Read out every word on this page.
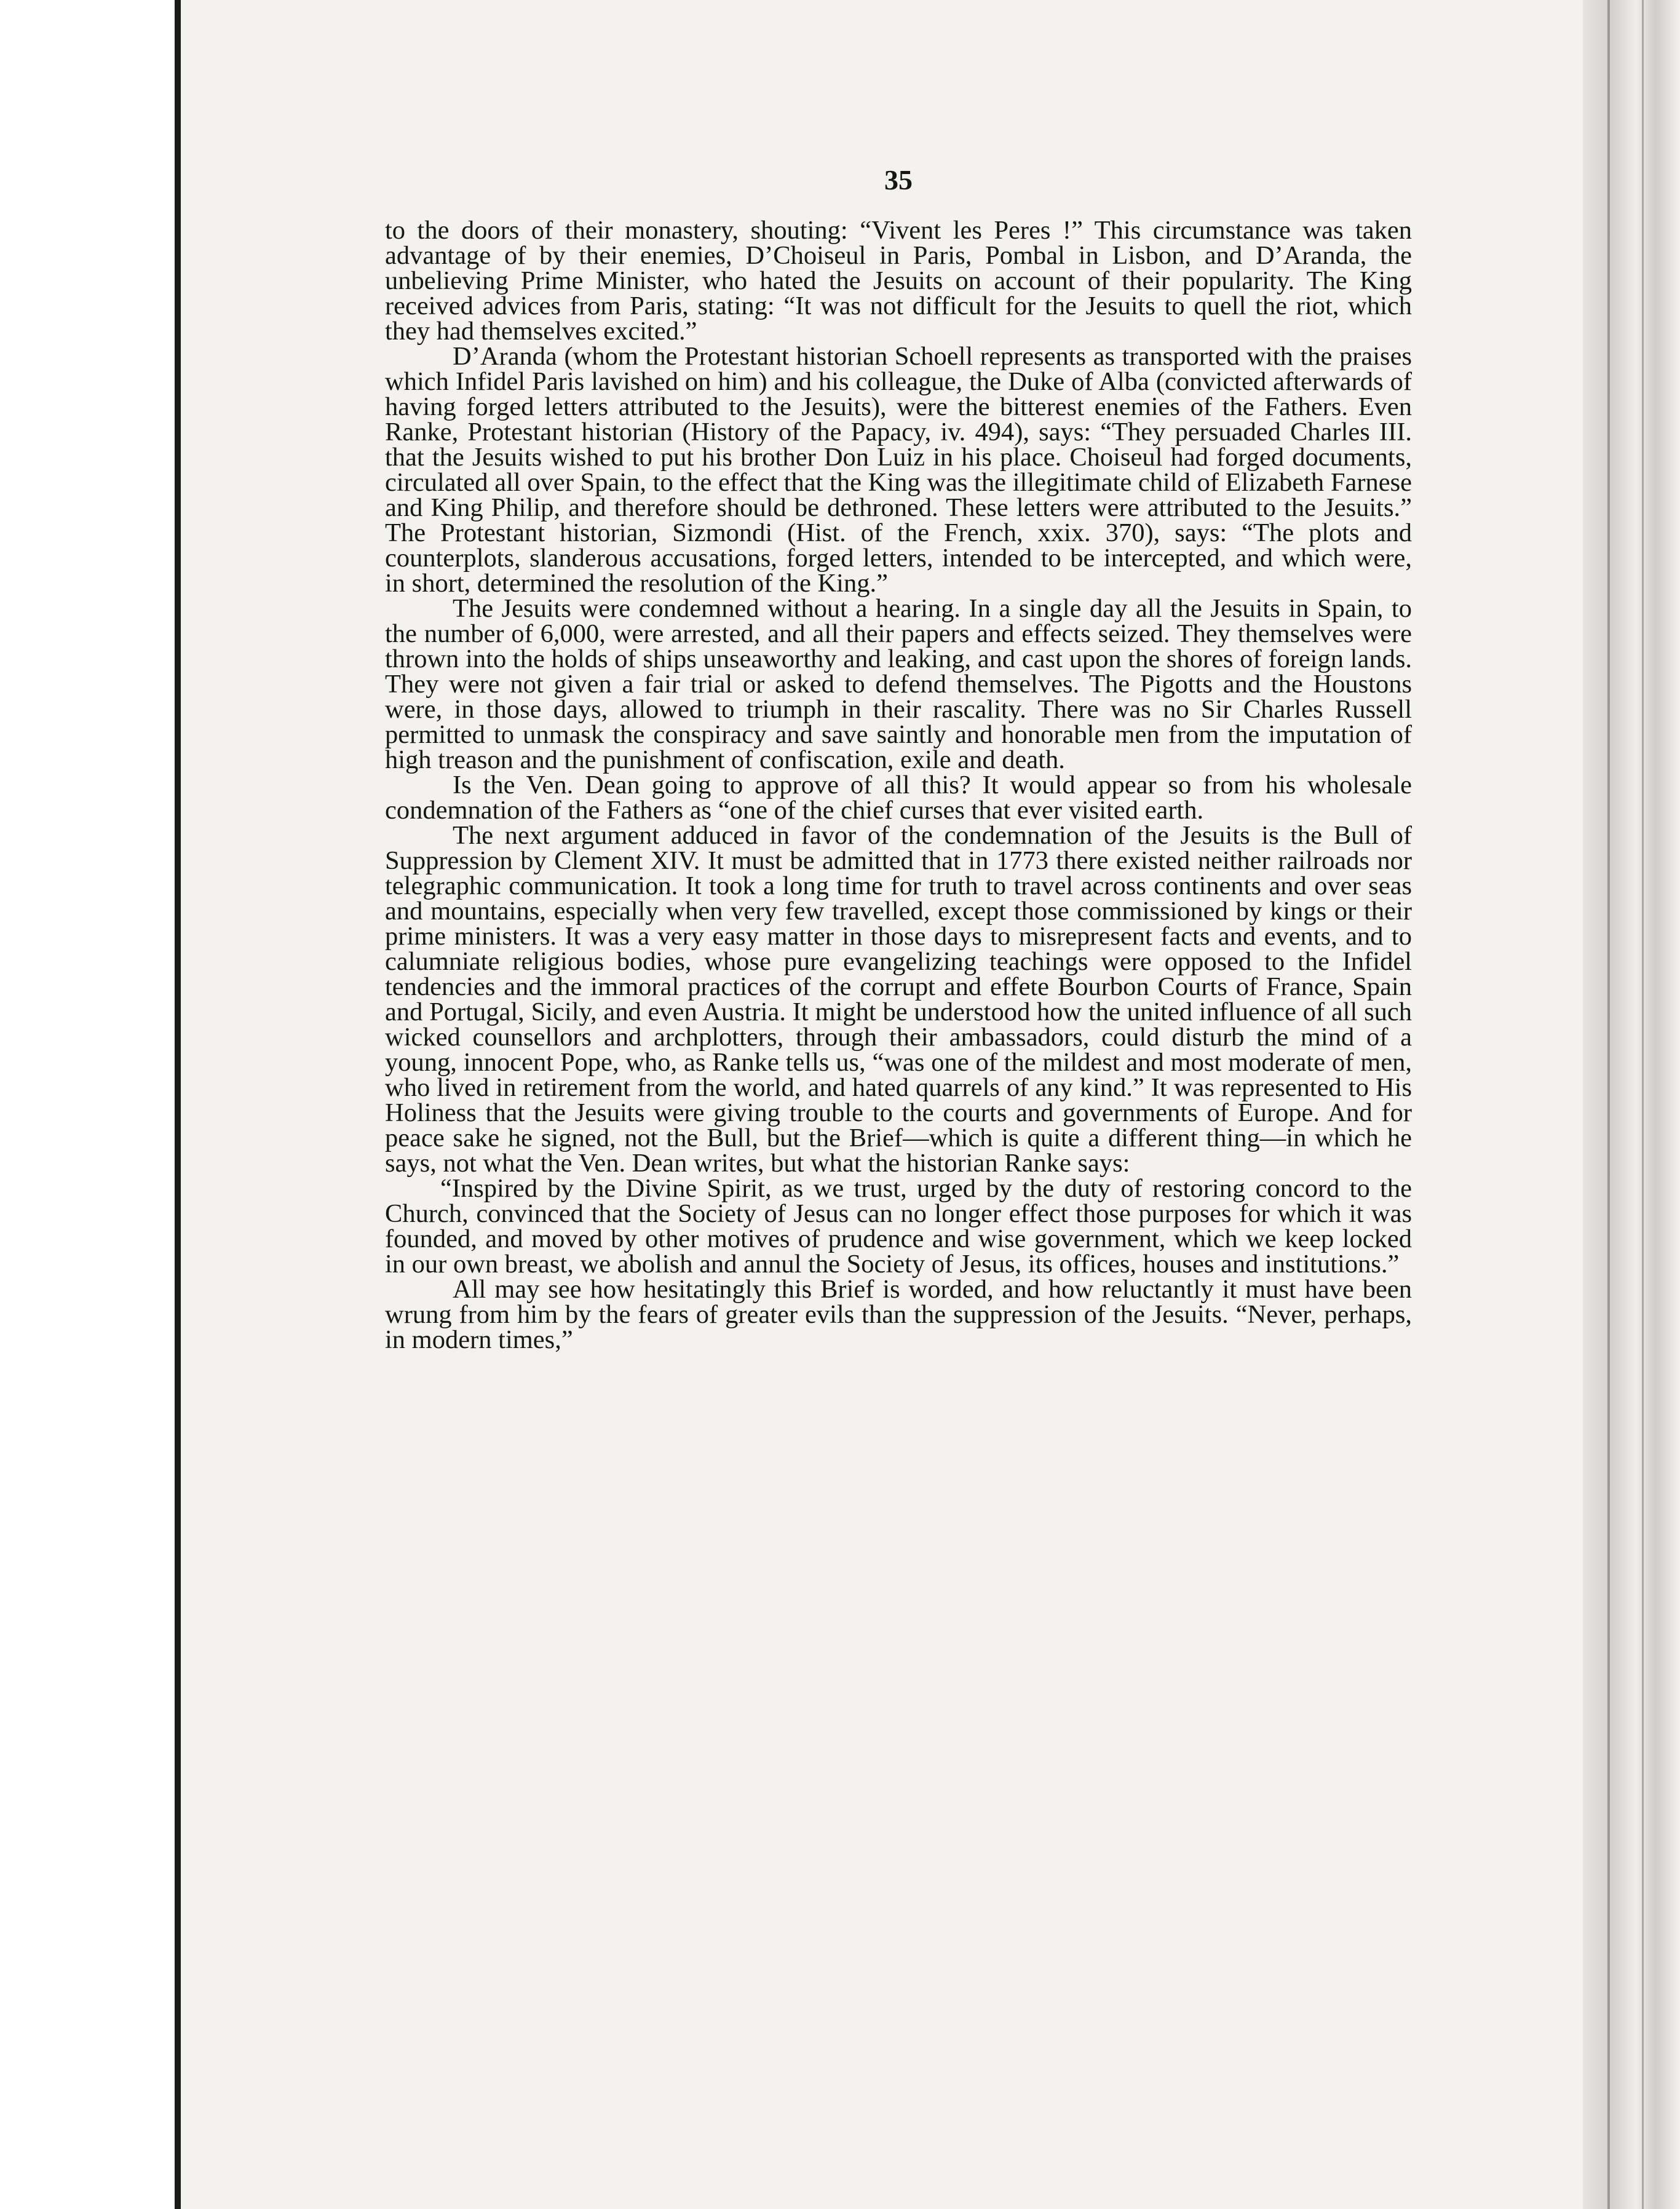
35

to the doors of their monastery, shouting: “Vivent les Peres !” This circumstance was taken advantage of by their enemies, D’Choiseul in Paris, Pombal in Lisbon, and D’Aranda, the unbelieving Prime Minister, who hated the Jesuits on account of their popularity. The King received advices from Paris, stating: “It was not difficult for the Jesuits to quell the riot, which they had themselves excited.”

D’Aranda (whom the Protestant historian Schoell represents as transported with the praises which Infidel Paris lavished on him) and his colleague, the Duke of Alba (convicted afterwards of having forged letters attributed to the Jesuits), were the bitterest enemies of the Fathers. Even Ranke, Protestant historian (History of the Papacy, iv. 494), says: “They persuaded Charles III. that the Jesuits wished to put his brother Don Luiz in his place. Choiseul had forged documents, circulated all over Spain, to the effect that the King was the illegitimate child of Elizabeth Farnese and King Philip, and therefore should be dethroned. These letters were attributed to the Jesuits.” The Protestant historian, Sizmondi (Hist. of the French, xxix. 370), says: “The plots and counterplots, slanderous accusations, forged letters, intended to be intercepted, and which were, in short, determined the resolution of the King.”

The Jesuits were condemned without a hearing. In a single day all the Jesuits in Spain, to the number of 6,000, were arrested, and all their papers and effects seized. They themselves were thrown into the holds of ships unseaworthy and leaking, and cast upon the shores of foreign lands. They were not given a fair trial or asked to defend themselves. The Pigotts and the Houstons were, in those days, allowed to triumph in their rascality. There was no Sir Charles Russell permitted to unmask the conspiracy and save saintly and honorable men from the imputation of high treason and the punishment of confiscation, exile and death.

Is the Ven. Dean going to approve of all this? It would appear so from his wholesale condemnation of the Fathers as “one of the chief curses that ever visited earth.

The next argument adduced in favor of the condemnation of the Jesuits is the Bull of Suppression by Clement XIV. It must be admitted that in 1773 there existed neither railroads nor telegraphic communication. It took a long time for truth to travel across continents and over seas and mountains, especially when very few travelled, except those commissioned by kings or their prime ministers. It was a very easy matter in those days to misrepresent facts and events, and to calumniate religious bodies, whose pure evangelizing teachings were opposed to the Infidel tendencies and the immoral practices of the corrupt and effete Bourbon Courts of France, Spain and Portugal, Sicily, and even Austria. It might be understood how the united influence of all such wicked counsellors and archplotters, through their ambassadors, could disturb the mind of a young, innocent Pope, who, as Ranke tells us, “was one of the mildest and most moderate of men, who lived in retirement from the world, and hated quarrels of any kind.” It was represented to His Holiness that the Jesuits were giving trouble to the courts and governments of Europe. And for peace sake he signed, not the Bull, but the Brief—which is quite a different thing—in which he says, not what the Ven. Dean writes, but what the historian Ranke says:

“Inspired by the Divine Spirit, as we trust, urged by the duty of restoring concord to the Church, convinced that the Society of Jesus can no longer effect those purposes for which it was founded, and moved by other motives of prudence and wise government, which we keep locked in our own breast, we abolish and annul the Society of Jesus, its offices, houses and institutions.”

All may see how hesitatingly this Brief is worded, and how reluctantly it must have been wrung from him by the fears of greater evils than the suppression of the Jesuits. “Never, perhaps, in modern times,”
